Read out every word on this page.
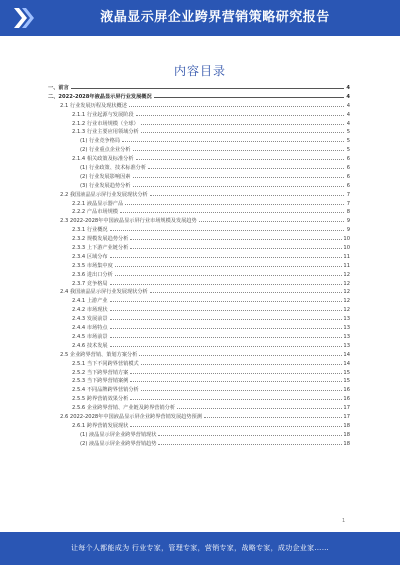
液晶显示屏企业跨界营销策略研究报告
内容目录
一、前言	4
二、2022-2028年液晶显示屏行业发展概况	4
2.1 行业发展历程及现状概述	4
2.1.1 行业起源与发展阶段	4
2.1.2 行业市场规模（全球）	4
2.1.3 行业主要应用领域分析	5
(1) 行业竞争格局	5
(2) 行业重点企业分析	5
2.1.4 相关政策及标准分析	6
(1) 行业政策、技术标准分析	6
(2) 行业发展影响因素	6
(3) 行业发展趋势分析	6
2.2 我国液晶显示屏行业发展现状分析	7
2.2.1 液晶显示器产品	7
2.2.2 产品市场规模	8
2.3 2022-2028年中国液晶显示屏行业市场规模及发展趋势	9
2.3.1 行业概况	9
2.3.2 规模发展趋势分析	10
2.3.3 上下游产业链分析	10
2.3.4 区域分布	11
2.3.5 市场集中度	11
2.3.6 进出口分析	12
2.3.7 竞争格局	12
2.4 我国液晶显示屏行业发展现状分析	12
2.4.1 上游产业	12
2.4.2 市场现状	12
2.4.3 发展前景	13
2.4.4 市场特点	13
2.4.5 市场前景	13
2.4.6 技术发展	13
2.5 企业跨界营销、策划方案分析	14
2.5.1 当下不同跨界营销模式	14
2.5.2 当下跨界营销方案	15
2.5.3 当下跨界营销案例	15
2.5.4 不同品牌跨界营销分析	16
2.5.5 跨界营销效果分析	16
2.5.6 企业跨界营销、产业链及跨界营销分析	17
2.6 2022-2028年中国液晶显示屏企业跨界营销发展趋势预测	17
2.6.1 跨界营销发展现状	18
(1) 液晶显示屏企业跨界营销现状	18
(2) 液晶显示屏企业跨界营销趋势	18
1
让每个人都能成为 行业专家，管理专家，营销专家，战略专家，成功企业家……
